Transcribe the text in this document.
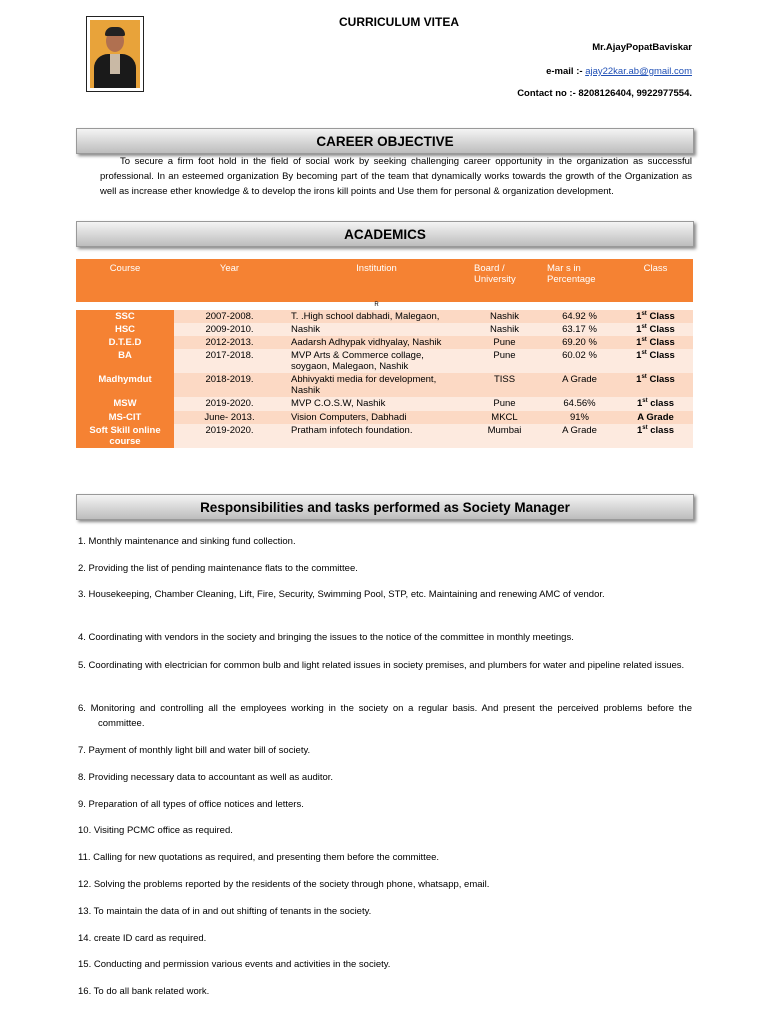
CURRICULUM VITEA
Mr.AjayPopatBaviskar
e-mail :- ajay22kar.ab@gmail.com
Contact no :- 8208126404, 9922977554.
CAREER OBJECTIVE
To secure a firm foot hold in the field of social work by seeking challenging career opportunity in the organization as successful professional. In an esteemed organization By becoming part of the team that dynamically works towards the growth of the Organization as well as increase ether knowledge & to develop the irons kill points and Use them for personal & organization development.
ACADEMICS
Course	Year	Institution	Board / University	Mar s in Percentage	Class
		R			
SSC	2007-2008.	T. .High school dabhadi, Malegaon,	Nashik	64.92 %	1st Class
HSC	2009-2010.	Nashik	Nashik	63.17 %	1st Class
D.T.E.D	2012-2013.	Aadarsh Adhypak vidhyalay, Nashik	Pune	69.20 %	1st Class
BA	2017-2018.	MVP Arts & Commerce collage, soygaon, Malegaon, Nashik	Pune	60.02 %	1st Class
Madhymdut	2018-2019.	Abhivyakti media for development, Nashik	TISS	A Grade	1st Class
MSW	2019-2020.	MVP C.O.S.W, Nashik	Pune	64.56%	1st class
MS-CIT	June- 2013.	Vision Computers, Dabhadi	MKCL	91%	A Grade
Soft Skill online course	2019-2020.	Pratham infotech foundation.	Mumbai	A Grade	1st class
Responsibilities and tasks performed as Society Manager
1. Monthly maintenance and sinking fund collection.
2. Providing the list of pending maintenance flats to the committee.
3. Housekeeping, Chamber Cleaning, Lift, Fire, Security, Swimming Pool, STP, etc. Maintaining and renewing AMC of vendor.
4. Coordinating with vendors in the society and bringing the issues to the notice of the committee in monthly meetings.
5. Coordinating with electrician for common bulb and light related issues in society premises, and plumbers for water and pipeline related issues.
6. Monitoring and controlling all the employees working in the society on a regular basis. And present the perceived problems before the committee.
7. Payment of monthly light bill and water bill of society.
8. Providing necessary data to accountant as well as auditor.
9. Preparation of all types of office notices and letters.
10. Visiting PCMC office as required.
11. Calling for new quotations as required, and presenting them before the committee.
12. Solving the problems reported by the residents of the society through phone, whatsapp, email.
13. To maintain the data of in and out shifting of tenants in the society.
14. create ID card as required.
15. Conducting and permission various events and activities in the society.
16. To do all bank related work.
